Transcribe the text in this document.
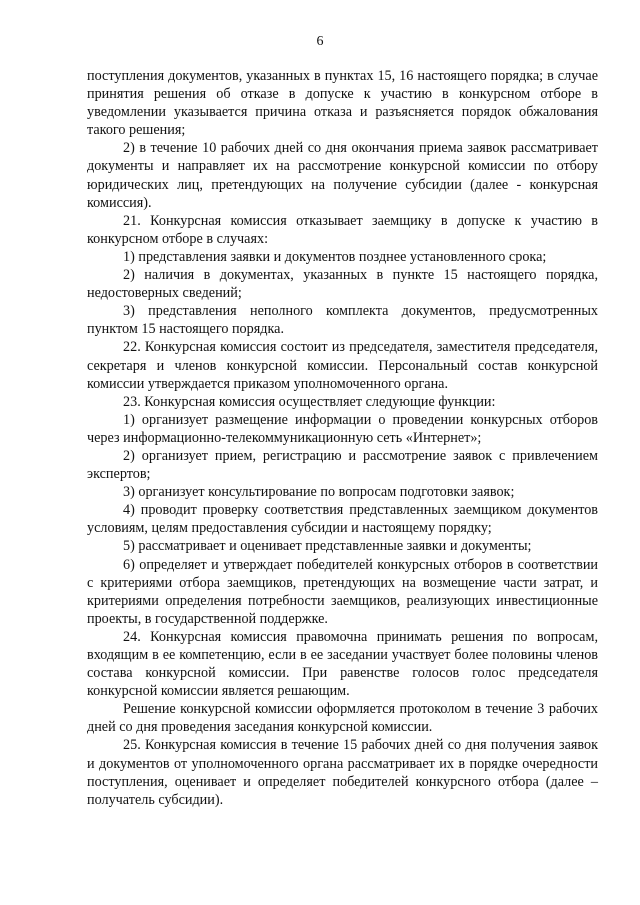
6

поступления документов, указанных в пунктах 15, 16 настоящего порядка; в случае принятия решения об отказе в допуске к участию в конкурсном отборе в уведомлении указывается причина отказа и разъясняется порядок обжалования такого решения;

2) в течение 10 рабочих дней со дня окончания приема заявок рассматривает документы и направляет их на рассмотрение конкурсной комиссии по отбору юридических лиц, претендующих на получение субсидии (далее - конкурсная комиссия).

21. Конкурсная комиссия отказывает заемщику в допуске к участию в конкурсном отборе в случаях:

1) представления заявки и документов позднее установленного срока;

2) наличия в документах, указанных в пункте 15 настоящего порядка, недостоверных сведений;

3) представления неполного комплекта документов, предусмотренных пунктом 15 настоящего порядка.

22. Конкурсная комиссия состоит из председателя, заместителя председателя, секретаря и членов конкурсной комиссии. Персональный состав конкурсной комиссии утверждается приказом уполномоченного органа.

23. Конкурсная комиссия осуществляет следующие функции:

1) организует размещение информации о проведении конкурсных отборов через информационно-телекоммуникационную сеть «Интернет»;

2) организует прием, регистрацию и рассмотрение заявок с привлечением экспертов;

3) организует консультирование по вопросам подготовки заявок;

4) проводит проверку соответствия представленных заемщиком документов условиям, целям предоставления субсидии и настоящему порядку;

5) рассматривает и оценивает представленные заявки и документы;

6) определяет и утверждает победителей конкурсных отборов в соответствии с критериями отбора заемщиков, претендующих на возмещение части затрат, и критериями определения потребности заемщиков, реализующих инвестиционные проекты, в государственной поддержке.

24. Конкурсная комиссия правомочна принимать решения по вопросам, входящим в ее компетенцию, если в ее заседании участвует более половины членов состава конкурсной комиссии. При равенстве голосов голос председателя конкурсной комиссии является решающим.

Решение конкурсной комиссии оформляется протоколом в течение 3 рабочих дней со дня проведения заседания конкурсной комиссии.

25. Конкурсная комиссия в течение 15 рабочих дней со дня получения заявок и документов от уполномоченного органа рассматривает их в порядке очередности поступления, оценивает и определяет победителей конкурсного отбора (далее – получатель субсидии).
